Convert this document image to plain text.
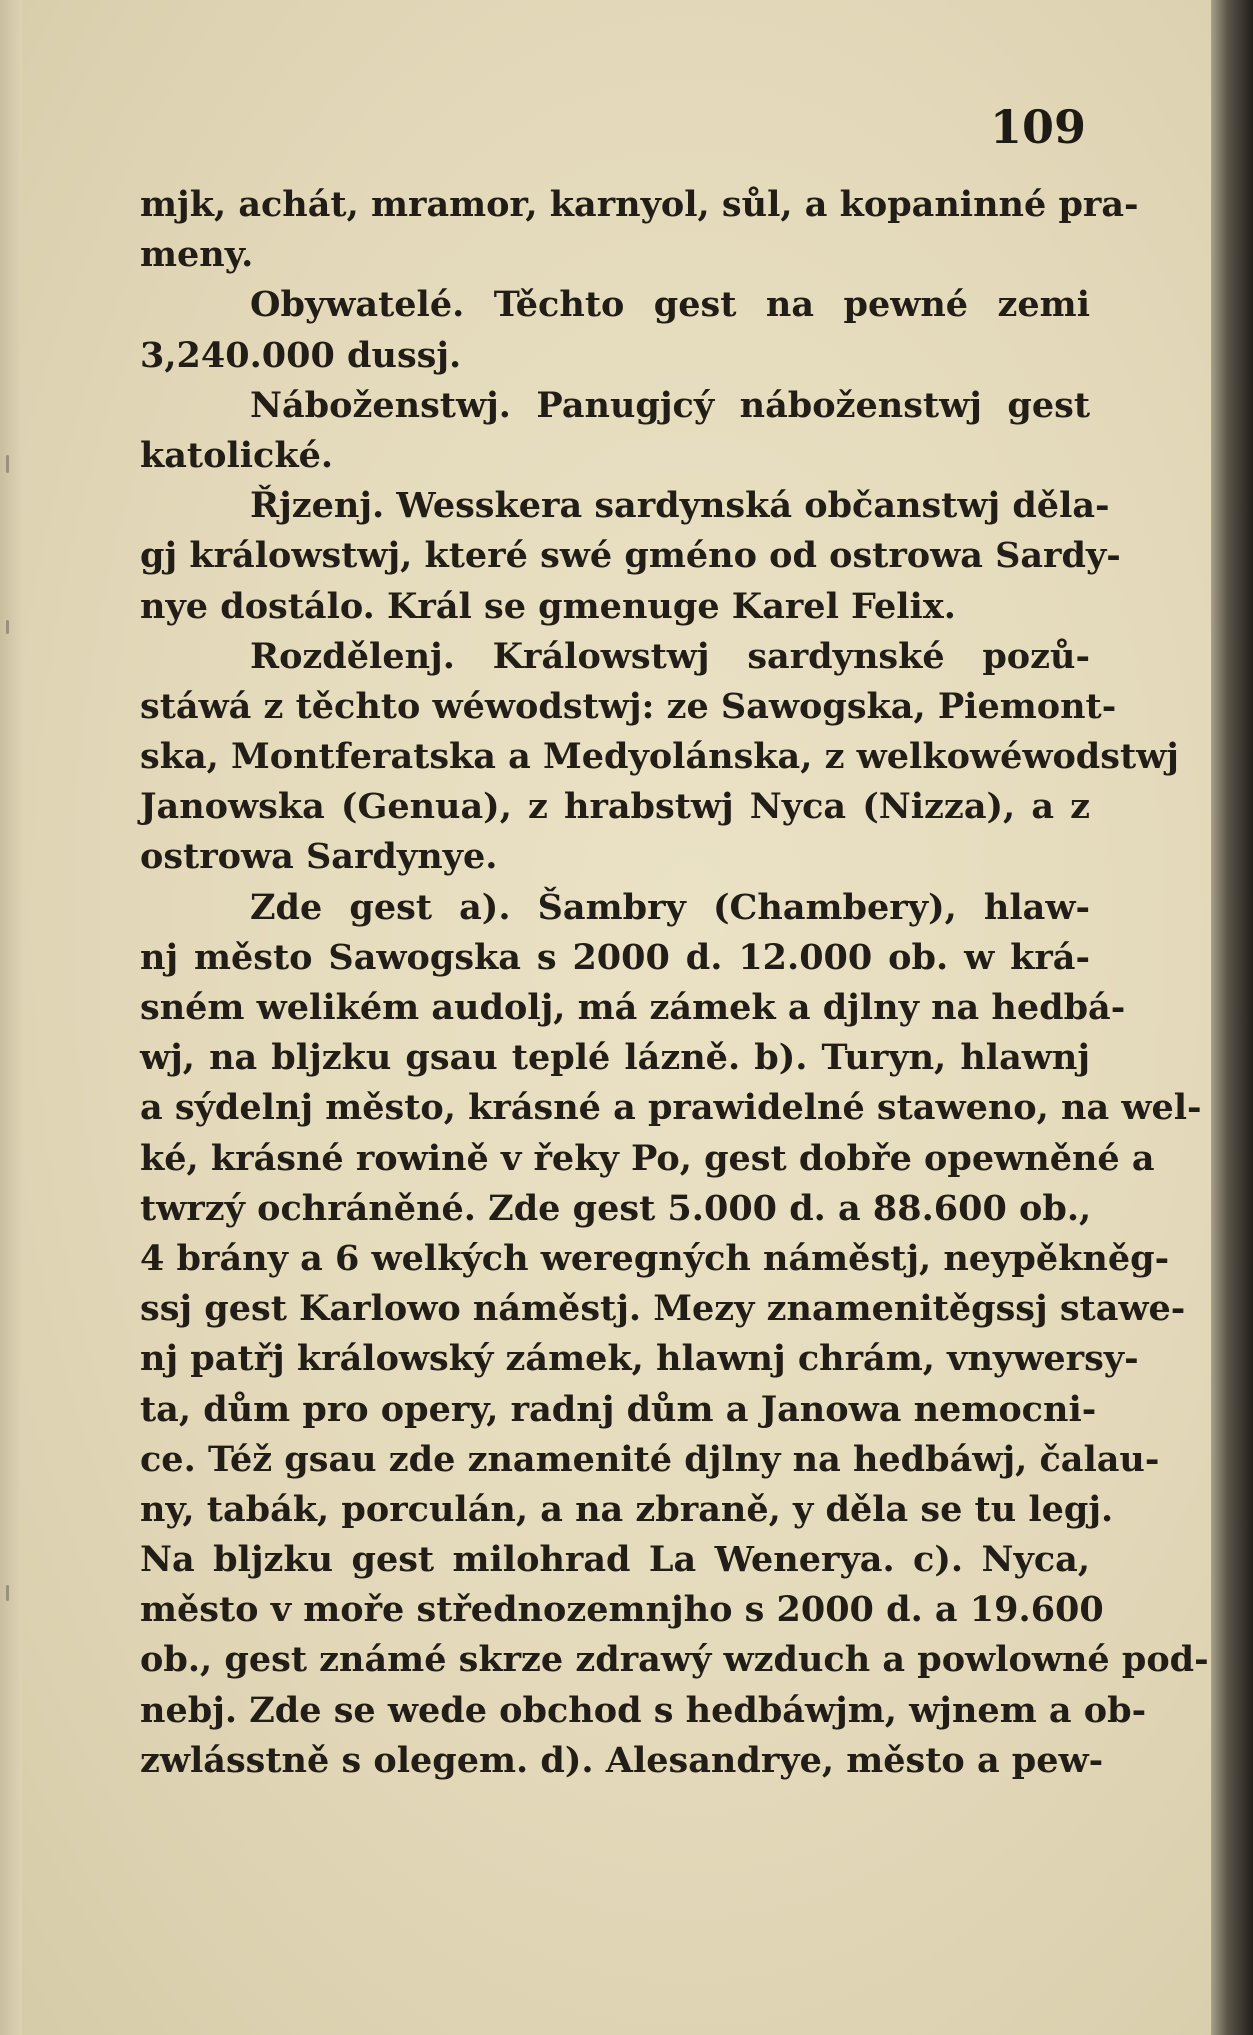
109

mjk, achát, mramor, karnyol, sůl, a kopaninné pra-
meny.
Obywatelé. Těchto gest na pewné zemi
3,240.000 dussj.
Náboženstwj. Panugjcý náboženstwj gest
katolické.
Řjzenj. Wesskera sardynská občanstwj děla-
gj králowstwj, které swé gméno od ostrowa Sardy-
nye dostálo. Král se gmenuge Karel Felix.
Rozdělenj. Králowstwj sardynské pozů-
stáwá z těchto wéwodstwj: ze Sawogska, Piemont-
ska, Montferatska a Medyolánska, z welkowéwodstwj
Janowska (Genua), z hrabstwj Nyca (Nizza), a z
ostrowa Sardynye.
Zde gest a). Šambry (Chambery), hlaw-
nj město Sawogska s 2000 d. 12.000 ob. w krá-
sném welikém audolj, má zámek a djlny na hedbá-
wj, na bljzku gsau teplé lázně. b). Turyn, hlawnj
a sýdelnj město, krásné a prawidelné staweno, na wel-
ké, krásné rowině v řeky Po, gest dobře opewněné a
twrzý ochráněné. Zde gest 5.000 d. a 88.600 ob.,
4 brány a 6 welkých weregných náměstj, neypěkněg-
ssj gest Karlowo náměstj. Mezy znamenitěgssj stawe-
nj patřj králowský zámek, hlawnj chrám, vnywersy-
ta, dům pro opery, radnj dům a Janowa nemocni-
ce. Též gsau zde znamenité djlny na hedbáwj, čalau-
ny, tabák, porculán, a na zbraně, y děla se tu legj.
Na bljzku gest milohrad La Wenerya. c). Nyca,
město v moře střednozemnjho s 2000 d. a 19.600
ob., gest známé skrze zdrawý wzduch a powlowné pod-
nebj. Zde se wede obchod s hedbáwjm, wjnem a ob-
zwlásstně s olegem. d). Alesandrye, město a pew-
